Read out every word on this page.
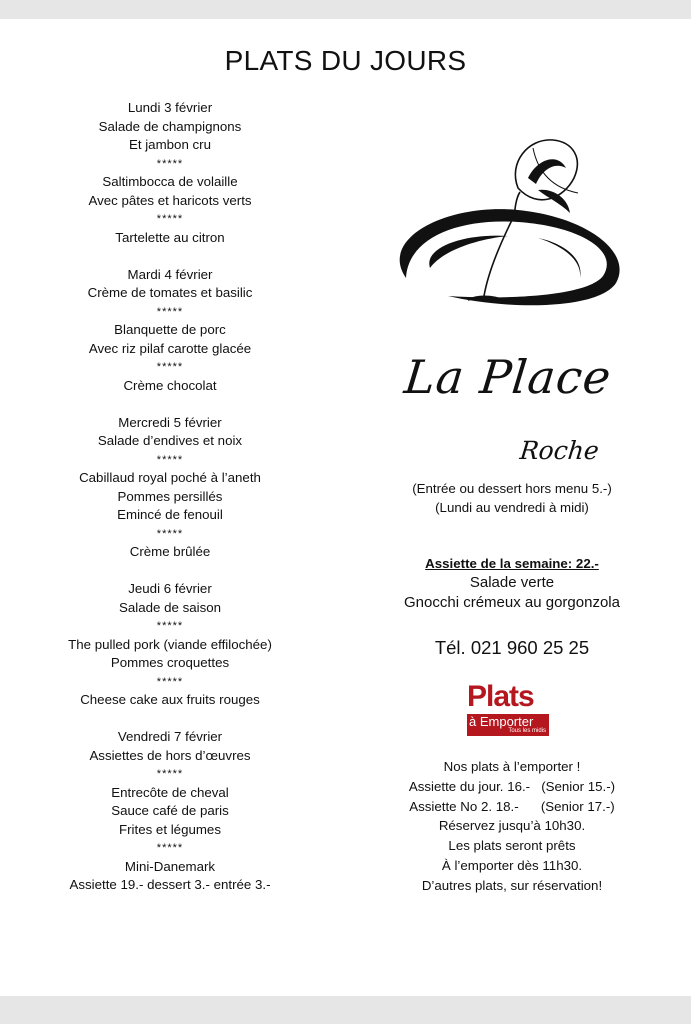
PLATS DU JOURS
Lundi 3 février
Salade de champignons
Et jambon cru
*****
Saltimbocca de volaille
Avec pâtes et haricots verts
*****
Tartelette au citron
Mardi 4 février
Crème de tomates et basilic
*****
Blanquette de porc
Avec riz pilaf carotte glacée
*****
Crème chocolat
Mercredi 5 février
Salade d’endives et noix
*****
Cabillaud royal poché à l’aneth
Pommes persillés
Emincé de fenouil
*****
Crème brûlée
Jeudi 6 février
Salade de saison
*****
The pulled pork (viande effilochée)
Pommes croquettes
*****
Cheese cake aux fruits rouges
Vendredi 7 février
Assiettes de hors d’œuvres
*****
Entrecôte de cheval
Sauce café de paris
Frites et légumes
*****
Mini-Danemark
Assiette 19.- dessert 3.- entrée 3.-
La Place
Roche
(Entrée ou dessert hors menu 5.-)
(Lundi au vendredi à midi)
Assiette de la semaine: 22.-
Salade verte
Gnocchi crémeux au gorgonzola
Tél. 021 960 25 25
Plats
à Emporter
Tous les midis
Nos plats à l’emporter !
Assiette du jour. 16.-   (Senior 15.-)
Assiette No 2. 18.-      (Senior 17.-)
Réservez jusqu’à 10h30.
Les plats seront prêts
À l’emporter dès 11h30.
D’autres plats, sur réservation!
